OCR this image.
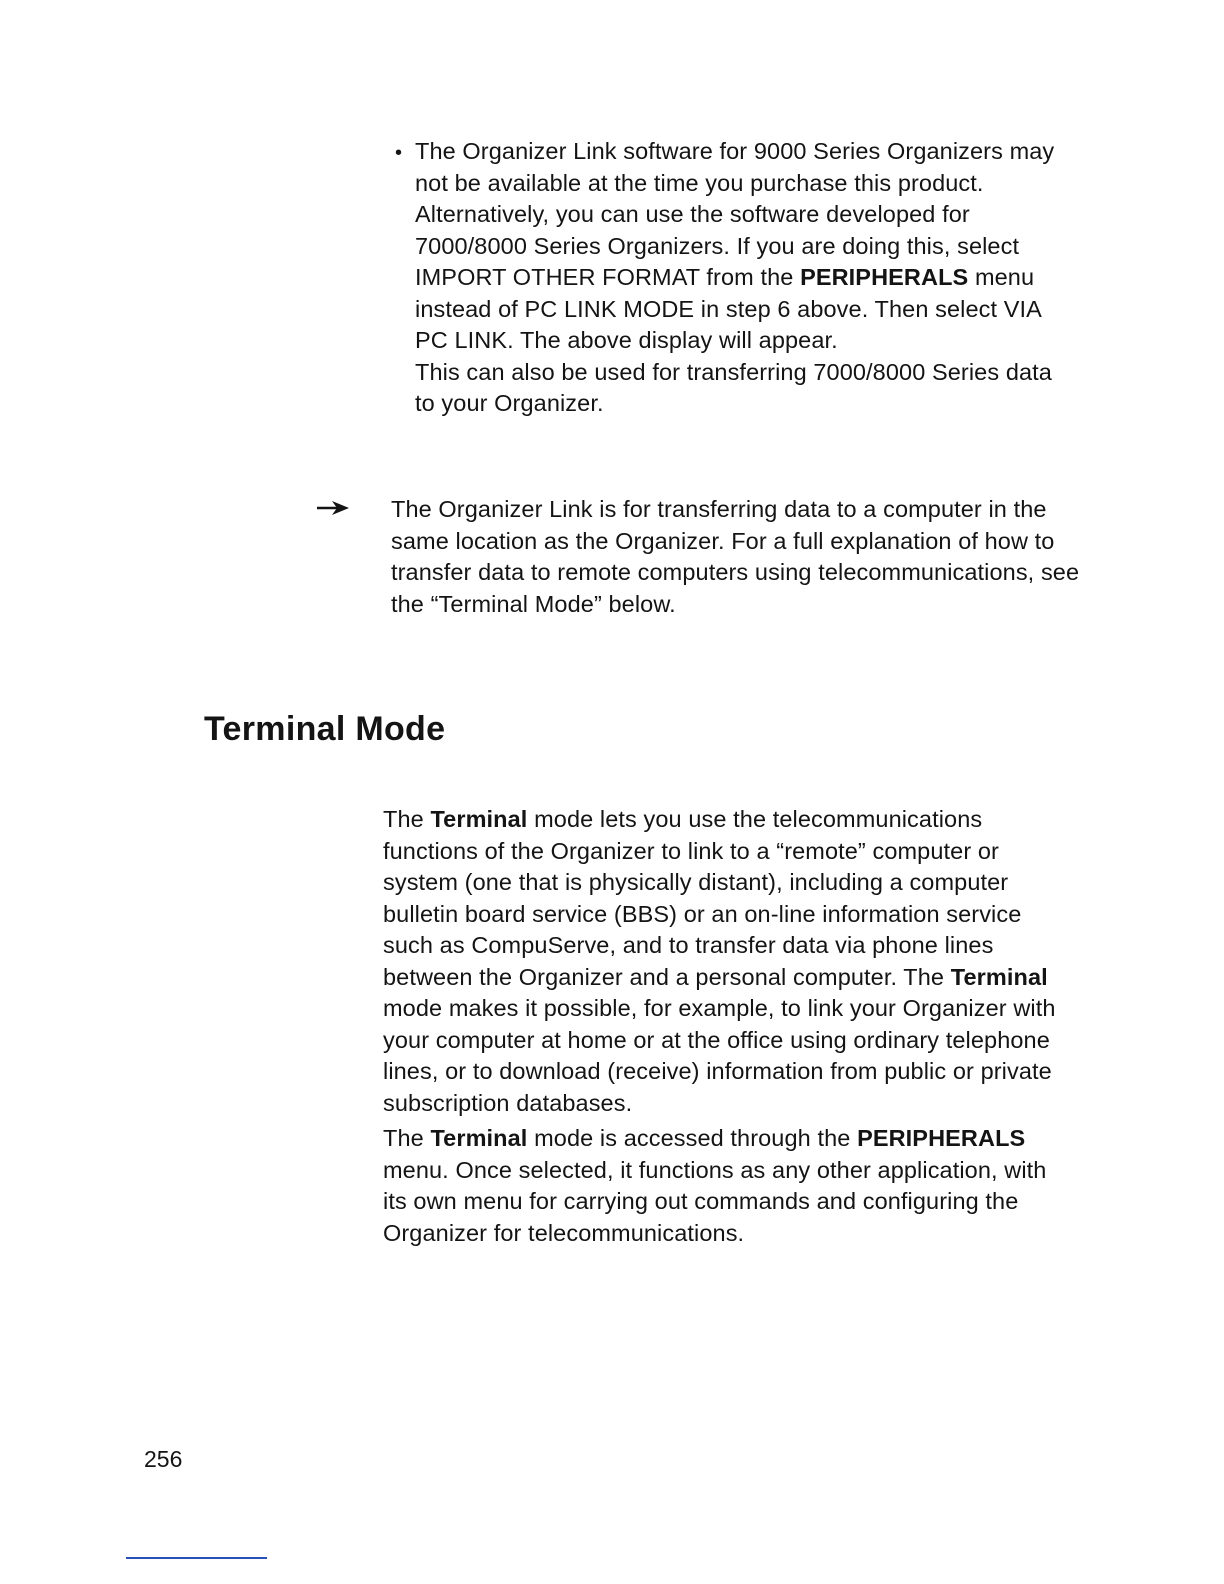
• The Organizer Link software for 9000 Series Organizers may not be available at the time you purchase this product. Alternatively, you can use the software developed for 7000/8000 Series Organizers. If you are doing this, select IMPORT OTHER FORMAT from the PERIPHERALS menu instead of PC LINK MODE in step 6 above. Then select VIA PC LINK. The above display will appear.

This can also be used for transferring 7000/8000 Series data to your Organizer.

The Organizer Link is for transferring data to a computer in the same location as the Organizer. For a full explanation of how to transfer data to remote computers using telecommunications, see the “Terminal Mode” below.
Terminal Mode

The Terminal mode lets you use the telecommunications functions of the Organizer to link to a “remote” computer or system (one that is physically distant), including a computer bulletin board service (BBS) or an on-line information service such as CompuServe, and to transfer data via phone lines between the Organizer and a personal computer. The Terminal mode makes it possible, for example, to link your Organizer with your computer at home or at the office using ordinary telephone lines, or to download (receive) information from public or private subscription databases.

The Terminal mode is accessed through the PERIPHERALS menu. Once selected, it functions as any other application, with its own menu for carrying out commands and configuring the Organizer for telecommunications.

256
